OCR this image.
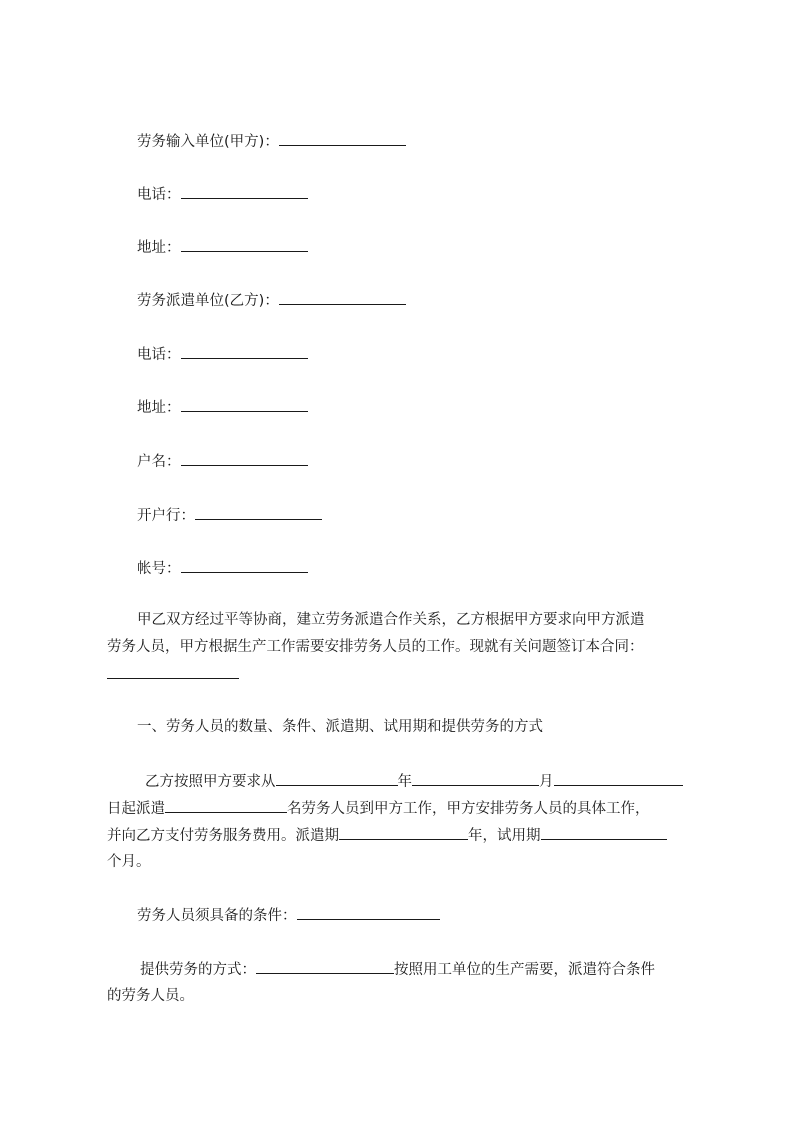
劳务输入单位(甲方)：
电话：
地址：
劳务派遣单位(乙方)：
电话：
地址：
户名：
开户行：
帐号：
甲乙双方经过平等协商，建立劳务派遣合作关系，乙方根据甲方要求向甲方派遣
劳务人员，甲方根据生产工作需要安排劳务人员的工作。现就有关问题签订本合同：
一、劳务人员的数量、条件、派遣期、试用期和提供劳务的方式
乙方按照甲方要求从	年	月
日起派遣	名劳务人员到甲方工作，甲方安排劳务人员的具体工作，
并向乙方支付劳务服务费用。派遣期	年，试用期
个月。
劳务人员须具备的条件：
提供劳务的方式：	按照用工单位的生产需要，派遣符合条件
的劳务人员。
